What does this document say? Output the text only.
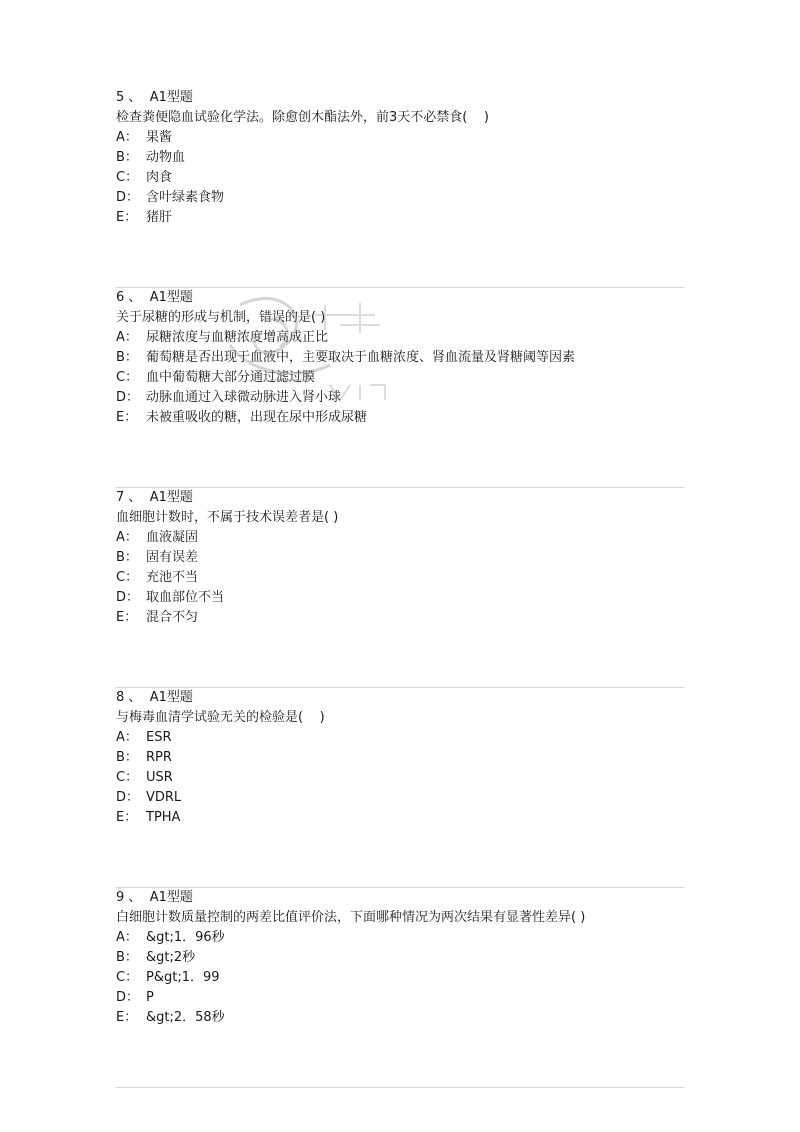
5 、 A1型题
检查粪便隐血试验化学法。除愈创木酯法外，前3天不必禁食(    )
A： 果酱
B： 动物血
C： 肉食
D： 含叶绿素食物
E： 猪肝
6 、 A1型题
关于尿糖的形成与机制，错误的是( )
A： 尿糖浓度与血糖浓度增高成正比
B： 葡萄糖是否出现于血液中，主要取决于血糖浓度、肾血流量及肾糖阈等因素
C： 血中葡萄糖大部分通过滤过膜
D： 动脉血通过入球微动脉进入肾小球
E： 未被重吸收的糖，出现在尿中形成尿糖
7 、 A1型题
血细胞计数时，不属于技术误差者是( )
A： 血液凝固
B： 固有误差
C： 充池不当
D： 取血部位不当
E： 混合不匀
8 、 A1型题
与梅毒血清学试验无关的检验是(    )
A： ESR
B： RPR
C： USR
D： VDRL
E： TPHA
9 、 A1型题
白细胞计数质量控制的两差比值评价法，下面哪种情况为两次结果有显著性差异( )
A： &gt;1．96秒
B： &gt;2秒
C： P&gt;1．99
D： P
E： &gt;2．58秒
